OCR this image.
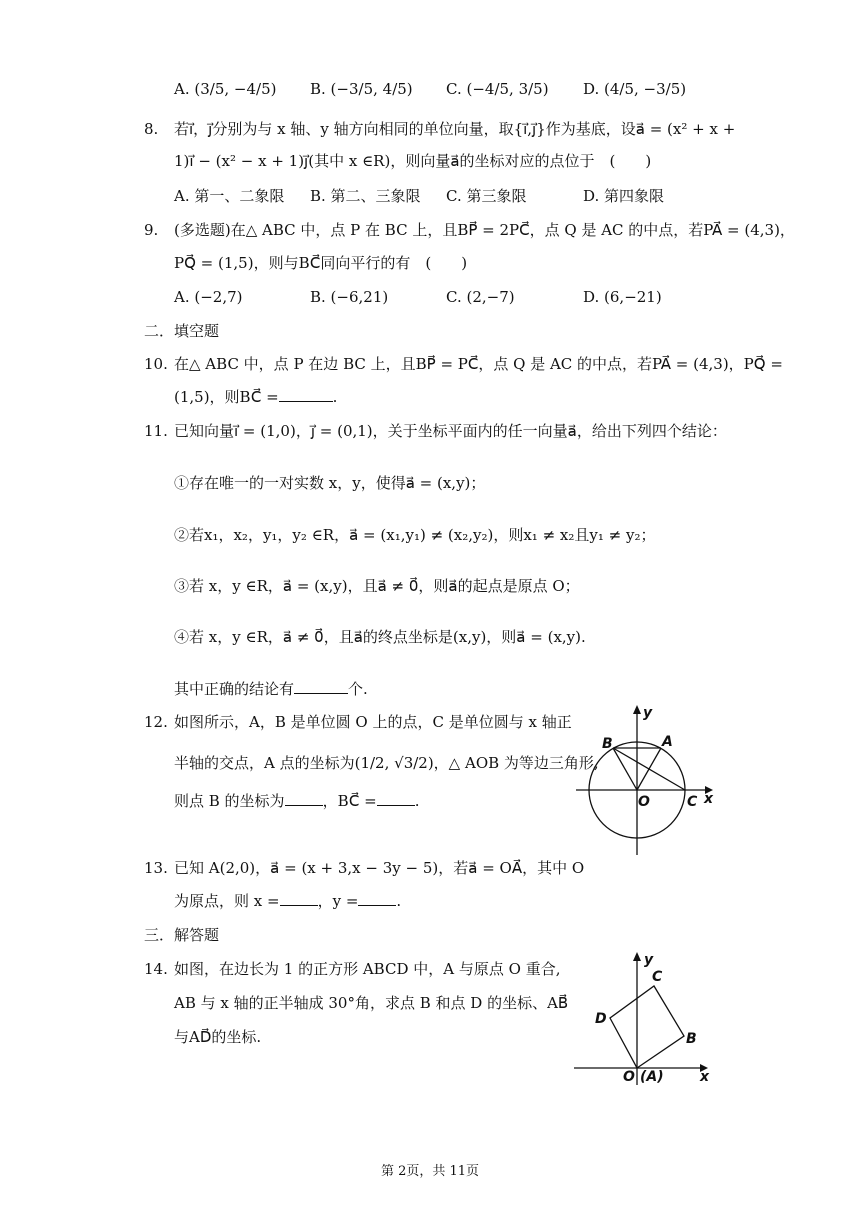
A. (3/5, −4/5) B. (−3/5, 4/5) C. (−4/5, 3/5) D. (4/5, −3/5)
8. 若i⃗，j⃗分别为与 x 轴、y 轴方向相同的单位向量，取{i⃗,j⃗}作为基底，设a⃗ = (x² + x +
1)i⃗ − (x² − x + 1)j⃗(其中 x ∈R)，则向量a⃗的坐标对应的点位于　(　　)
A. 第一、二象限 B. 第二、三象限 C. 第三象限	D. 第四象限
9. (多选题)在△ ABC 中，点 P 在 BC 上，且BP⃗ = 2PC⃗，点 Q 是 AC 的中点，若PA⃗ = (4,3)，
PQ⃗ = (1,5)，则与BC⃗同向平行的有　(　　)
A. (−2,7)	B. (−6,21)	C. (2,−7)	D. (6,−21)
二．填空题
10. 在△ ABC 中，点 P 在边 BC 上，且BP⃗ = PC⃗，点 Q 是 AC 的中点，若PA⃗ = (4,3)，PQ⃗ =
(1,5)，则BC⃗ =	.
11. 已知向量i⃗ = (1,0)，j⃗ = (0,1)，关于坐标平面内的任一向量a⃗，给出下列四个结论：
①存在唯一的一对实数 x，y，使得a⃗ = (x,y)；
②若x₁，x₂，y₁，y₂ ∈R，a⃗ = (x₁,y₁) ≠ (x₂,y₂)，则x₁ ≠ x₂且y₁ ≠ y₂；
③若 x，y ∈R，a⃗ = (x,y)，且a⃗ ≠ 0⃗，则a⃗的起点是原点 O；
④若 x，y ∈R，a⃗ ≠ 0⃗，且a⃗的终点坐标是(x,y)，则a⃗ = (x,y).
其中正确的结论有	个.
12. 如图所示，A，B 是单位圆 O 上的点，C 是单位圆与 x 轴正
半轴的交点，A 点的坐标为(1/2, √3/2)，△ AOB 为等边三角形,
则点 B 的坐标为	，BC⃗ =	.
y
x
B	A
O	C
13. 已知 A(2,0)，a⃗ = (x + 3,x − 3y − 5)，若a⃗ = OA⃗，其中 O
为原点，则 x =	，y =	.
三．解答题
14. 如图，在边长为 1 的正方形 ABCD 中，A 与原点 O 重合,
AB 与 x 轴的正半轴成 30°角，求点 B 和点 D 的坐标、AB⃗
与AD⃗的坐标.
y
x
C
D
B
O (A)
第 2页，共 11页
